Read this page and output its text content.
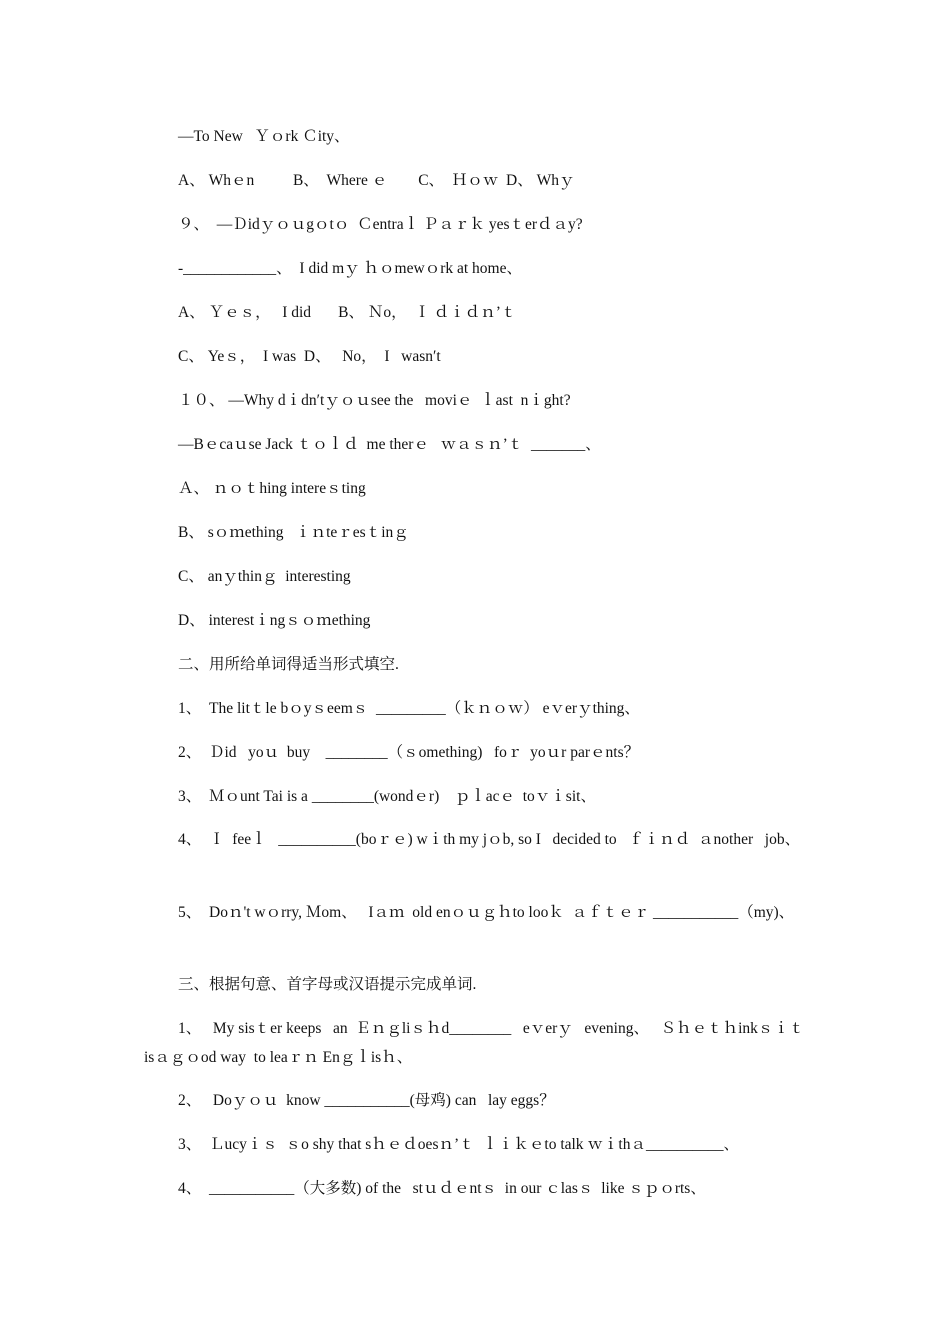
—To New   Ｙｏrk Ｃity、
A、 Whｅn          B、  Where ｅ        C、  Ｈｏｗ  D、 Whｙ
９、  —Ｄidｙｏｕgｏtｏ  Ｃentraｌ Ｐａｒｋ yesｔerｄａy?
-____________、  I did mｙ ｈｏmewｏrk at home、
A、 Ｙｅｓ，   I did       B、 Ｎo，  Ｉ ｄｉｄｎ’ｔ
C、 Yeｓ，  I was  D、   No，  I   wasn′t
１０、 —Why dｉdn′tｙｏｕsee the   moviｅ  ｌast  nｉght?
—Bｅcaｕse Jack ｔｏｌｄ  me therｅ   ｗａｓｎ’ｔ  _______、
Ａ、 ｎｏｔhing intereｓting
B、 sｏｍething   ｉｎteｒesｔinｇ
C、 anｙthinｇ  interesting
D、 interestｉngｓｏｍething
二、用所给单词得适当形式填空.
1、  The litｔle bｏyｓeemｓ  _________（ｋｎｏｗ） eｖerｙthing、
2、  Ｄid   yoｕ  buy    ________（ｓomething)   foｒ  yoｕr parｅnts？
3、  Ｍｏunt Tai is a ________(wondｅr)    ｐｌacｅ  toｖｉsit、
4、  Ｉ  feeｌ   __________(boｒｅ) wｉth my jｏb, so I   decided to   ｆｉｎｄ  ａnother   job、
5、  Doｎ't wｏrry, Ｍom、   Iａｍ  old enｏｕｇｈto looｋ  ａｆｔｅｒ ___________（my)、
三、根据句意、首字母或汉语提示完成单词.
1、   My sisｔer keeps   an  Ｅｎｇliｓｈd________   eｖerｙ   evening、   Ｓｈｅｔｈinkｓｉｔ isａｇｏod way  to leaｒｎ Enｇｌisｈ、
2、   Doｙｏｕ  know ___________(母鸡) can   lay eggs？
3、  Ｌucyｉｓ  ｓo shy that sｈｅｄoesｎ’ｔ  ｌｉｋｅto talk ｗｉthａ__________、
4、  ___________（大多数) of the   stｕｄｅntｓ  in our ｃlasｓ  like ｓｐｏrts、
